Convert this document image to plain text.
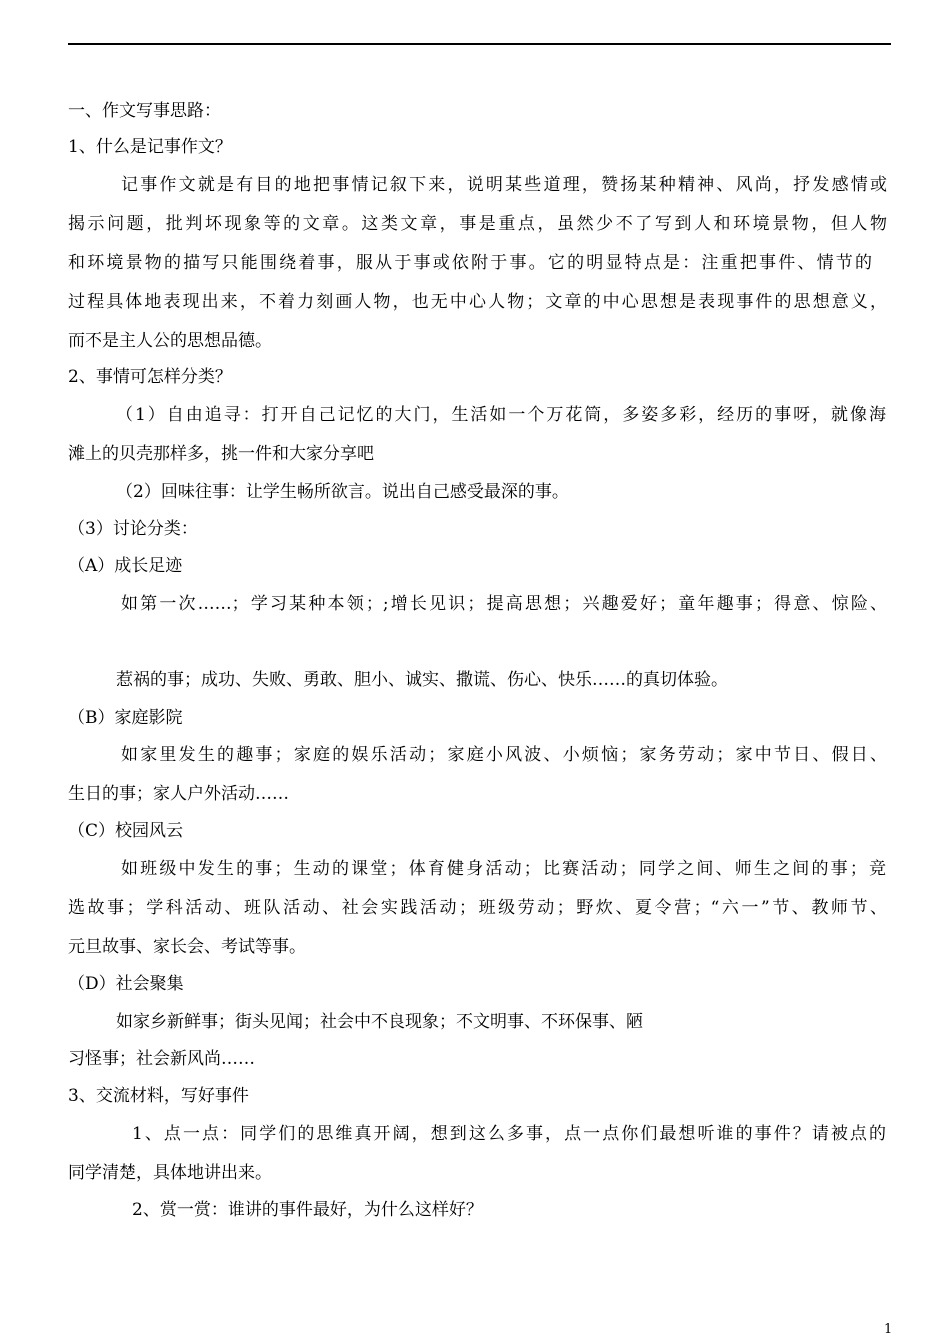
一、作文写事思路：
1、什么是记事作文？
记事作文就是有目的地把事情记叙下来，说明某些道理，赞扬某种精神、风尚，抒发感情或
揭示问题，批判坏现象等的文章。这类文章，事是重点，虽然少不了写到人和环境景物，但人物
和环境景物的描写只能围绕着事，服从于事或依附于事。它的明显特点是：注重把事件、情节的
过程具体地表现出来，不着力刻画人物，也无中心人物；文章的中心思想是表现事件的思想意义，
而不是主人公的思想品德。
2、事情可怎样分类？
（1）自由追寻：打开自己记忆的大门，生活如一个万花筒，多姿多彩，经历的事呀，就像海
滩上的贝壳那样多，挑一件和大家分享吧
（2）回味往事：让学生畅所欲言。说出自己感受最深的事。
（3）讨论分类：
（A）成长足迹
如第一次……；学习某种本领；;增长见识；提高思想；兴趣爱好；童年趣事；得意、惊险、
惹祸的事；成功、失败、勇敢、胆小、诚实、撒谎、伤心、快乐……的真切体验。
（B）家庭影院
如家里发生的趣事；家庭的娱乐活动；家庭小风波、小烦恼；家务劳动；家中节日、假日、
生日的事；家人户外活动……
（C）校园风云
如班级中发生的事；生动的课堂；体育健身活动；比赛活动；同学之间、师生之间的事；竞
选故事；学科活动、班队活动、社会实践活动；班级劳动；野炊、夏令营；“六一”节、教师节、
元旦故事、家长会、考试等事。
（D）社会聚集
如家乡新鲜事；街头见闻；社会中不良现象；不文明事、不环保事、陋
习怪事；社会新风尚……
3、交流材料，写好事件
1、点一点：同学们的思维真开阔，想到这么多事，点一点你们最想听谁的事件？请被点的
同学清楚，具体地讲出来。
2、赏一赏：谁讲的事件最好，为什么这样好？
1
